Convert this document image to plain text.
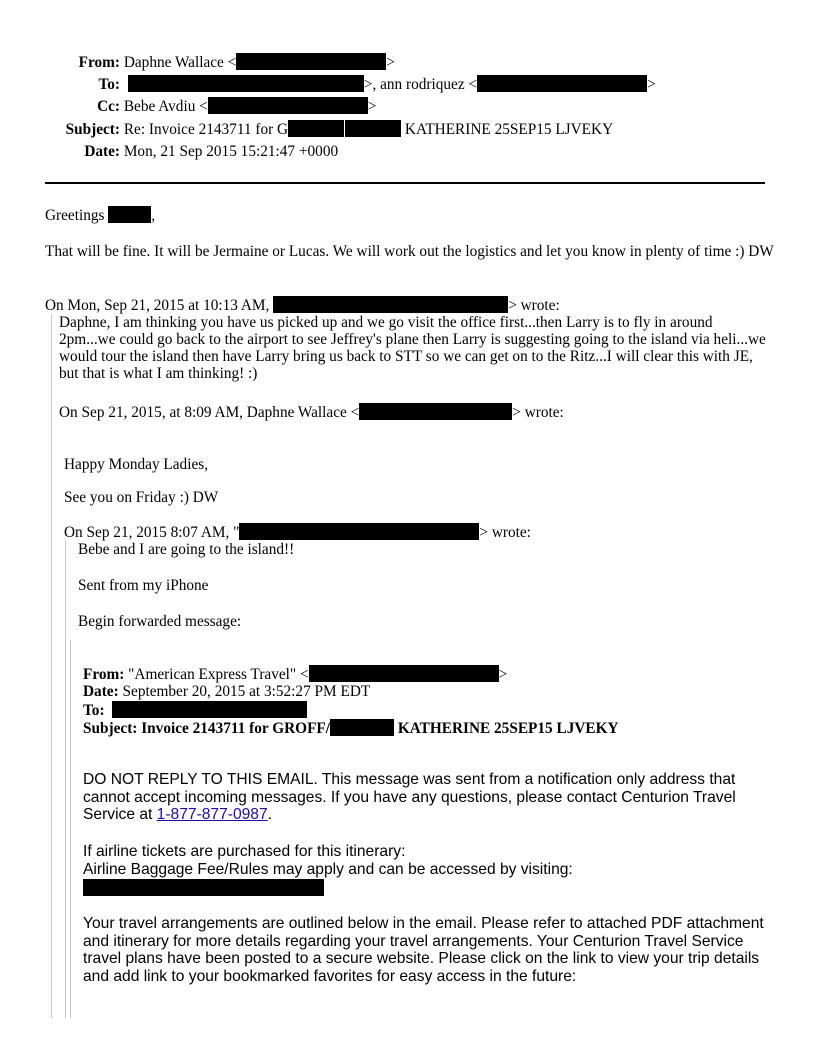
From: Daphne Wallace <	>
To:	>, ann rodriquez <	>
Cc: Bebe Avdiu <	>
Subject: Re: Invoice 2143711 for G	KATHERINE 25SEP15 LJVEKY
Date: Mon, 21 Sep 2015 15:21:47 +0000
Greetings	,
That will be fine. It will be Jermaine or Lucas. We will work out the logistics and let you know in plenty of time :) DW
On Mon, Sep 21, 2015 at 10:13 AM,	> wrote:
Daphne, I am thinking you have us picked up and we go visit the office first...then Larry is to fly in around 2pm...we could go back to the airport to see Jeffrey's plane then Larry is suggesting going to the island via heli...we would tour the island then have Larry bring us back to STT so we can get on to the Ritz...I will clear this with JE, but that is what I am thinking! :)
On Sep 21, 2015, at 8:09 AM, Daphne Wallace <	> wrote:
Happy Monday Ladies,
See you on Friday :) DW
On Sep 21, 2015 8:07 AM, "	> wrote:
Bebe and I are going to the island!!
Sent from my iPhone
Begin forwarded message:
From: "American Express Travel" <	>
Date: September 20, 2015 at 3:52:27 PM EDT
To:
Subject: Invoice 2143711 for GROFF/	KATHERINE 25SEP15 LJVEKY
DO NOT REPLY TO THIS EMAIL. This message was sent from a notification only address that cannot accept incoming messages. If you have any questions, please contact Centurion Travel Service at 1-877-877-0987.
If airline tickets are purchased for this itinerary:
Airline Baggage Fee/Rules may apply and can be accessed by visiting:
Your travel arrangements are outlined below in the email. Please refer to attached PDF attachment and itinerary for more details regarding your travel arrangements. Your Centurion Travel Service travel plans have been posted to a secure website. Please click on the link to view your trip details and add link to your bookmarked favorites for easy access in the future:
